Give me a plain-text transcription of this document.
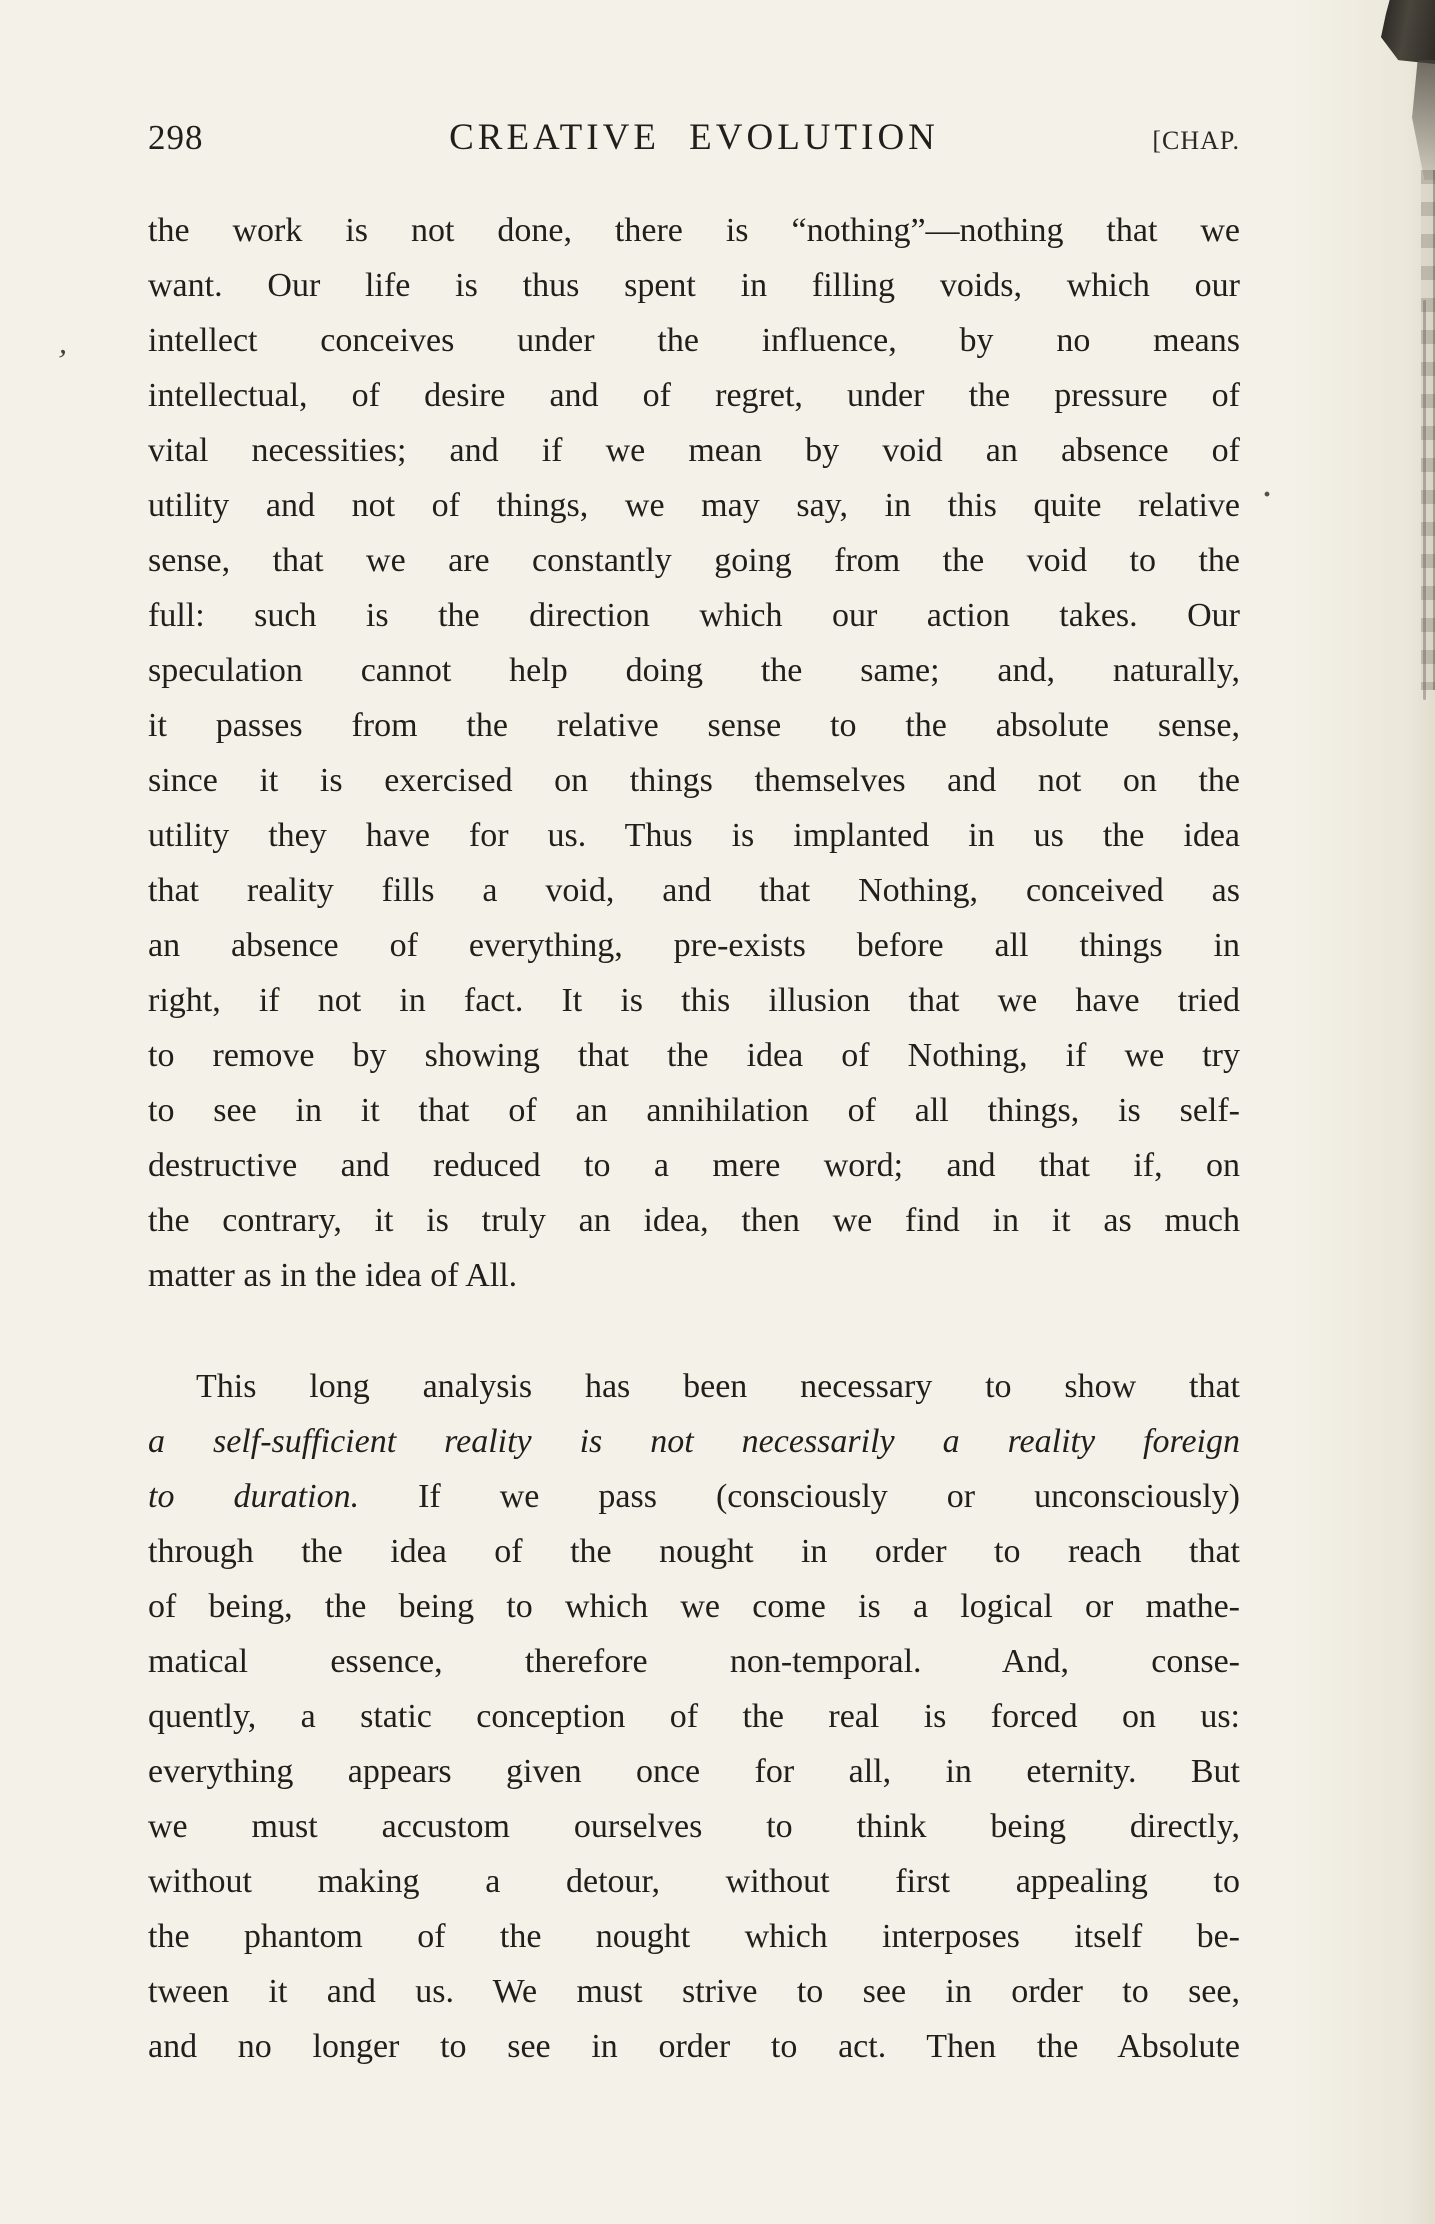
298	CREATIVE EVOLUTION	[CHAP.
the work is not done, there is “nothing”—nothing that we
want. Our life is thus spent in filling voids, which our
intellect conceives under the influence, by no means
intellectual, of desire and of regret, under the pressure of
vital necessities; and if we mean by void an absence of
utility and not of things, we may say, in this quite relative
sense, that we are constantly going from the void to the
full: such is the direction which our action takes. Our
speculation cannot help doing the same; and, naturally,
it passes from the relative sense to the absolute sense,
since it is exercised on things themselves and not on the
utility they have for us. Thus is implanted in us the idea
that reality fills a void, and that Nothing, conceived as
an absence of everything, pre-exists before all things in
right, if not in fact. It is this illusion that we have tried
to remove by showing that the idea of Nothing, if we try
to see in it that of an annihilation of all things, is self-
destructive and reduced to a mere word; and that if, on
the contrary, it is truly an idea, then we find in it as much
matter as in the idea of All.
This long analysis has been necessary to show that
a self-sufficient reality is not necessarily a reality foreign
to duration. If we pass (consciously or unconsciously)
through the idea of the nought in order to reach that
of being, the being to which we come is a logical or mathe-
matical essence, therefore non-temporal. And, conse-
quently, a static conception of the real is forced on us:
everything appears given once for all, in eternity. But
we must accustom ourselves to think being directly,
without making a detour, without first appealing to
the phantom of the nought which interposes itself be-
tween it and us. We must strive to see in order to see,
and no longer to see in order to act. Then the Absolute
ʼ
·
